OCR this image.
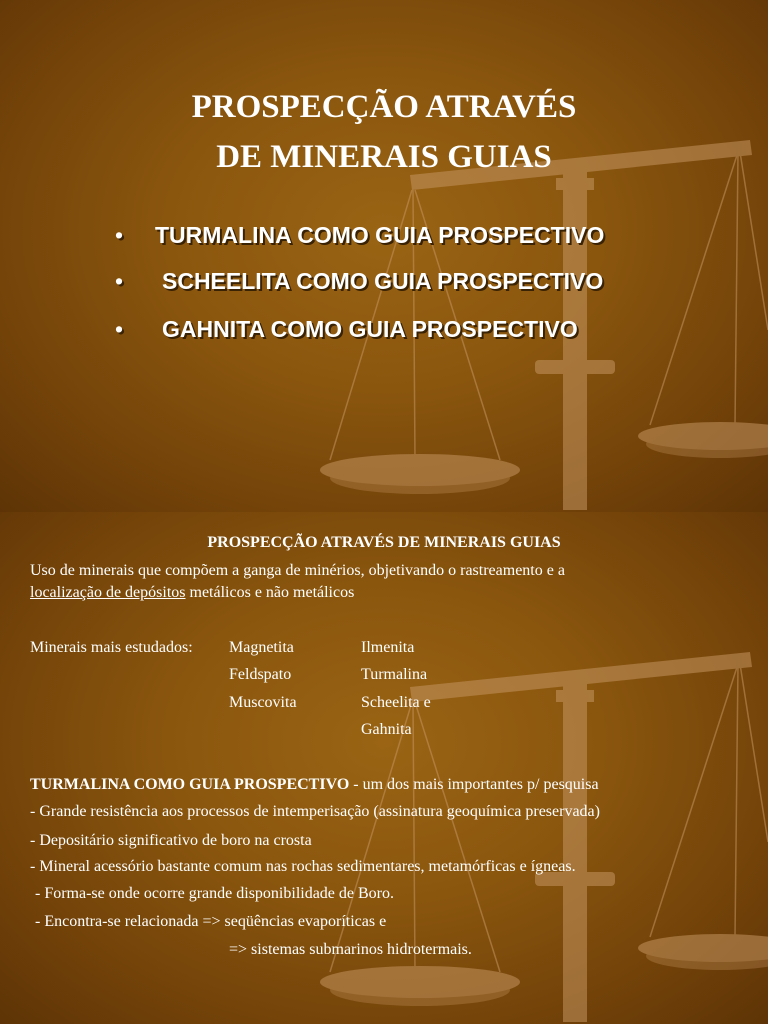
PROSPECÇÃO ATRAVÉS
DE MINERAIS GUIAS
• TURMALINA COMO GUIA PROSPECTIVO
• SCHEELITA COMO GUIA PROSPECTIVO
• GAHNITA COMO GUIA PROSPECTIVO
PROSPECÇÃO ATRAVÉS DE MINERAIS GUIAS
Uso de minerais que compõem a ganga de minérios, objetivando o rastreamento e a
localização de depósitos metálicos e não metálicos
Minerais mais estudados: Magnetita
Feldspato
Muscovita
Ilmenita
Turmalina
Scheelita e
Gahnita
TURMALINA COMO GUIA PROSPECTIVO - um dos mais importantes p/ pesquisa
- Grande resistência aos processos de intemperisação (assinatura geoquímica preservada)
- Depositário significativo de boro na crosta
- Mineral acessório bastante comum nas rochas sedimentares, metamórficas e ígneas.
- Forma-se onde ocorre grande disponibilidade de Boro.
- Encontra-se relacionada => seqüências evaporíticas e
=> sistemas submarinos hidrotermais.
